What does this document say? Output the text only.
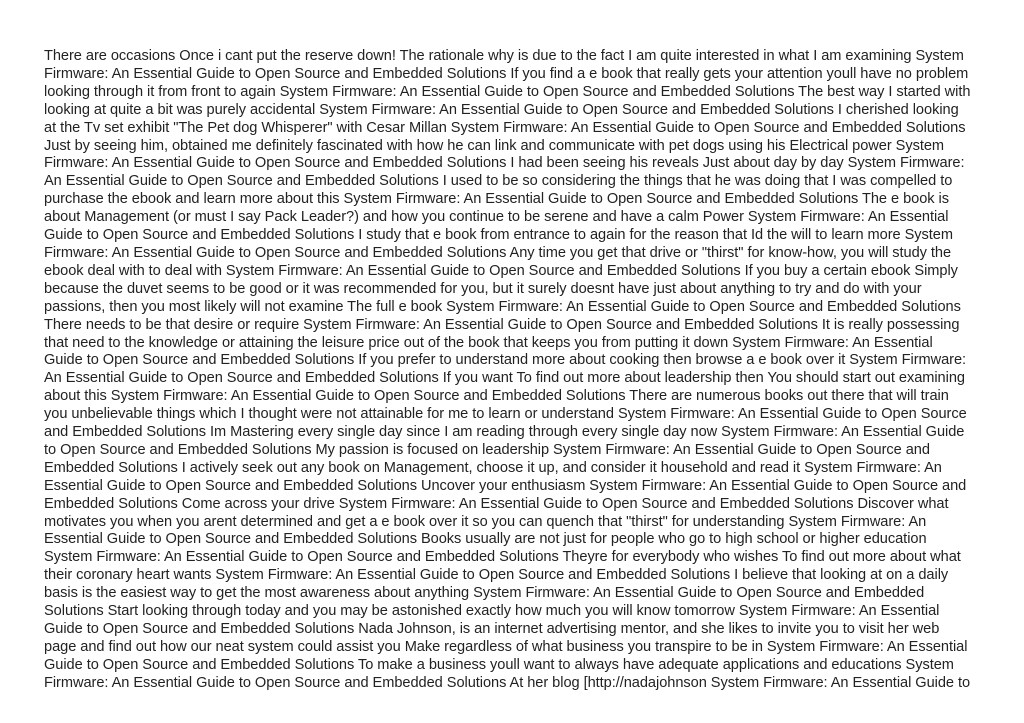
There are occasions Once i cant put the reserve down! The rationale why is due to the fact I am quite interested in what I am examining System
Firmware: An Essential Guide to Open Source and Embedded Solutions If you find a e book that really gets your attention youll have no problem
looking through it from front to again System Firmware: An Essential Guide to Open Source and Embedded Solutions The best way I started with
looking at quite a bit was purely accidental System Firmware: An Essential Guide to Open Source and Embedded Solutions I cherished looking
at the Tv set exhibit "The Pet dog Whisperer" with Cesar Millan System Firmware: An Essential Guide to Open Source and Embedded Solutions
Just by seeing him, obtained me definitely fascinated with how he can link and communicate with pet dogs using his Electrical power System
Firmware: An Essential Guide to Open Source and Embedded Solutions I had been seeing his reveals Just about day by day System Firmware:
An Essential Guide to Open Source and Embedded Solutions I used to be so considering the things that he was doing that I was compelled to
purchase the ebook and learn more about this System Firmware: An Essential Guide to Open Source and Embedded Solutions The e book is
about Management (or must I say Pack Leader?) and how you continue to be serene and have a calm Power System Firmware: An Essential
Guide to Open Source and Embedded Solutions I study that e book from entrance to again for the reason that Id the will to learn more System
Firmware: An Essential Guide to Open Source and Embedded Solutions Any time you get that drive or "thirst" for know-how, you will study the
ebook deal with to deal with System Firmware: An Essential Guide to Open Source and Embedded Solutions If you buy a certain ebook Simply
because the duvet seems to be good or it was recommended for you, but it surely doesnt have just about anything to try and do with your
passions, then you most likely will not examine The full e book System Firmware: An Essential Guide to Open Source and Embedded Solutions
There needs to be that desire or require System Firmware: An Essential Guide to Open Source and Embedded Solutions It is really possessing
that need to the knowledge or attaining the leisure price out of the book that keeps you from putting it down System Firmware: An Essential
Guide to Open Source and Embedded Solutions If you prefer to understand more about cooking then browse a e book over it System Firmware:
An Essential Guide to Open Source and Embedded Solutions If you want To find out more about leadership then You should start out examining
about this System Firmware: An Essential Guide to Open Source and Embedded Solutions There are numerous books out there that will train
you unbelievable things which I thought were not attainable for me to learn or understand System Firmware: An Essential Guide to Open Source
and Embedded Solutions Im Mastering every single day since I am reading through every single day now System Firmware: An Essential Guide
to Open Source and Embedded Solutions My passion is focused on leadership System Firmware: An Essential Guide to Open Source and
Embedded Solutions I actively seek out any book on Management, choose it up, and consider it household and read it System Firmware: An
Essential Guide to Open Source and Embedded Solutions Uncover your enthusiasm System Firmware: An Essential Guide to Open Source and
Embedded Solutions Come across your drive System Firmware: An Essential Guide to Open Source and Embedded Solutions Discover what
motivates you when you arent determined and get a e book over it so you can quench that "thirst" for understanding System Firmware: An
Essential Guide to Open Source and Embedded Solutions Books usually are not just for people who go to high school or higher education
System Firmware: An Essential Guide to Open Source and Embedded Solutions Theyre for everybody who wishes To find out more about what
their coronary heart wants System Firmware: An Essential Guide to Open Source and Embedded Solutions I believe that looking at on a daily
basis is the easiest way to get the most awareness about anything System Firmware: An Essential Guide to Open Source and Embedded
Solutions Start looking through today and you may be astonished exactly how much you will know tomorrow System Firmware: An Essential
Guide to Open Source and Embedded Solutions Nada Johnson, is an internet advertising mentor, and she likes to invite you to visit her web
page and find out how our neat system could assist you Make regardless of what business you transpire to be in System Firmware: An Essential
Guide to Open Source and Embedded Solutions To make a business youll want to always have adequate applications and educations System
Firmware: An Essential Guide to Open Source and Embedded Solutions At her blog [http://nadajohnson System Firmware: An Essential Guide to
